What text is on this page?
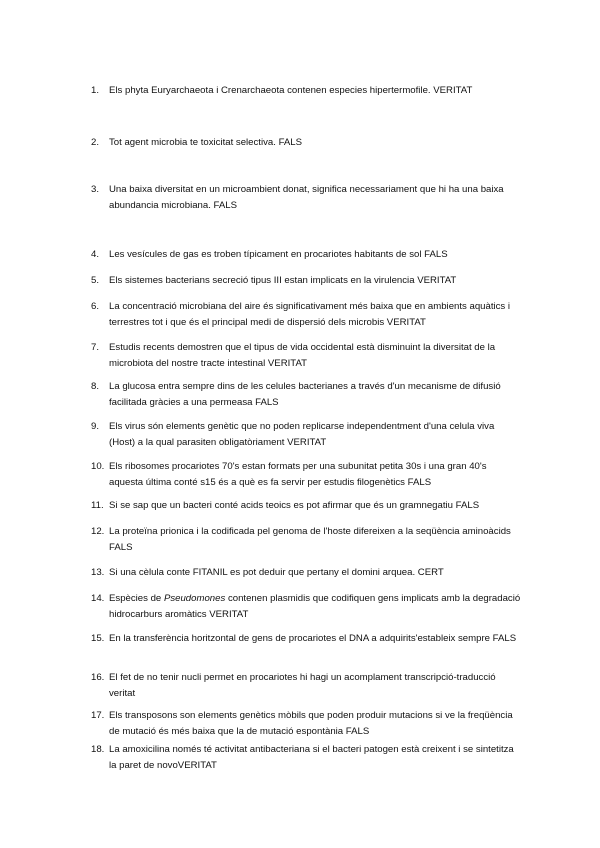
1.	Els phyta Euryarchaeota i Crenarchaeota contenen especies hipertermofile. VERITAT
2.	Tot agent microbia te toxicitat selectiva. FALS
3.	Una baixa diversitat en un microambient donat, significa necessariament que hi ha una baixa abundancia microbiana. FALS
4.	Les vesícules de gas es troben típicament en procariotes habitants de sol FALS
5.	Els sistemes bacterians secreció tipus III estan implicats en la virulencia VERITAT
6.	La concentració microbiana del aire és significativament més baixa que en ambients aquàtics i terrestres tot i que és el principal medi de dispersió dels microbis VERITAT
7.	Estudis recents demostren que el tipus de vida occidental està disminuint la diversitat de la microbiota del nostre tracte intestinal VERITAT
8.	La glucosa entra sempre dins de les celules bacterianes a través d'un mecanisme de difusió facilitada gràcies a una permeasa FALS
9.	Els virus són elements genètic que no poden replicarse independentment d'una celula viva (Host) a la qual parasiten obligatòriament VERITAT
10. Els ribosomes procariotes 70's estan formats per una subunitat petita 30s i una gran 40's aquesta última conté s15 és a què es fa servir per estudis filogenètics FALS
11. Si se sap que un bacteri conté acids teoics es pot afirmar que és un gramnegatiu FALS
12. La proteïna prionica i la codificada pel genoma de l'hoste difereixen a la seqüència aminoàcids FALS
13. Si una cèlula conte FITANIL es pot deduir que pertany el domini arquea. CERT
14. Espècies de Pseudomones contenen plasmidis que codifiquen gens implicats amb la degradació hidrocarburs aromàtics VERITAT
15. En la transferència horitzontal de gens de procariotes el DNA a adquirits'estableix sempre FALS
16. El fet de no tenir nucli permet en procariotes hi hagi un acomplament transcripció-traducció veritat
17. Els transposons son elements genètics mòbils que poden produir mutacions si ve la freqüència de mutació és més baixa que la de mutació espontània FALS
18. La amoxicilina només té activitat antibacteriana si el bacteri patogen està creixent i se sintetitza la paret de novoVERITAT
